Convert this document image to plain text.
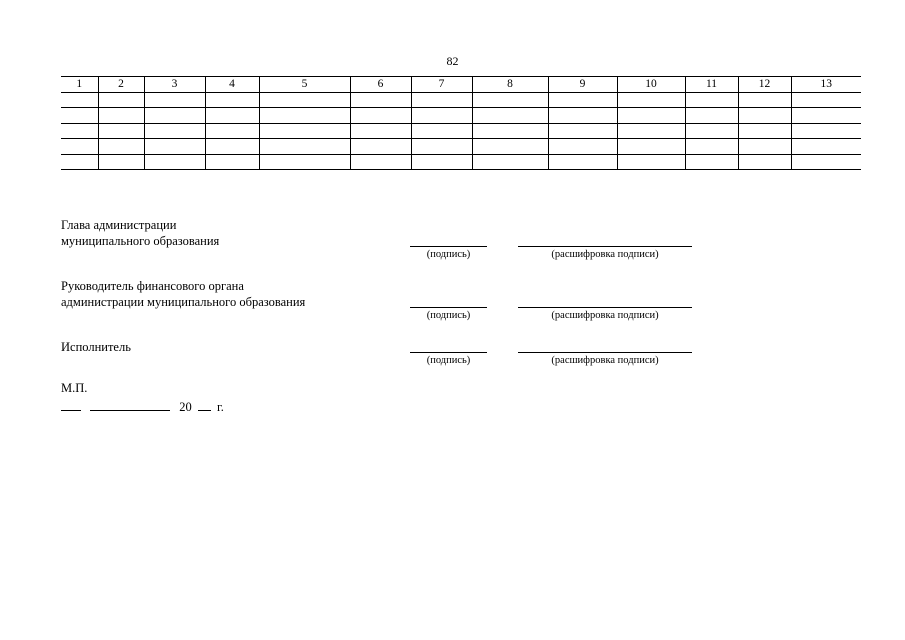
82
1	2	3	4	5	6	7	8	9	10	11	12	13

Глава администрации
муниципального образования
(подпись)	(расшифровка подписи)
Руководитель финансового органа
администрации муниципального образования
(подпись)	(расшифровка подписи)
Исполнитель
(подпись)	(расшифровка подписи)
М.П.
20 г.
